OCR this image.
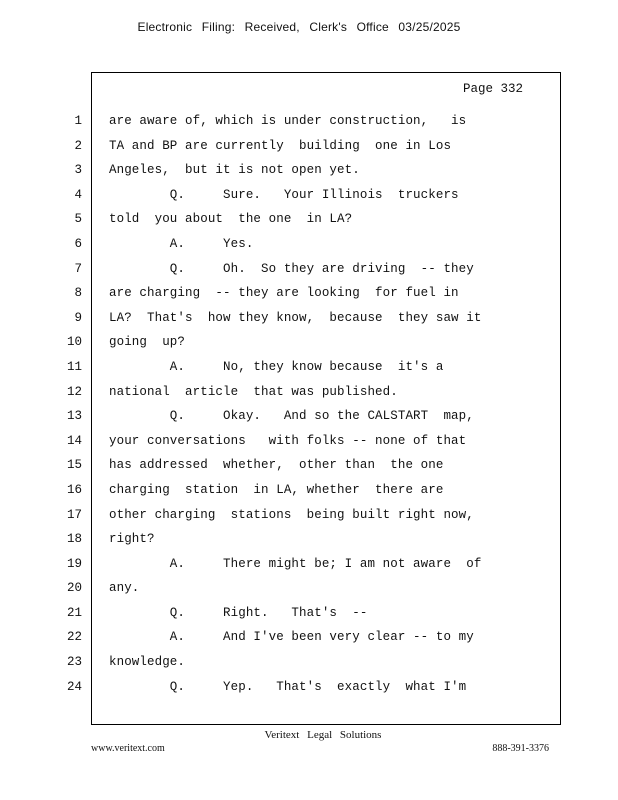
Electronic Filing: Received, Clerk's Office 03/25/2025
Page 332
1
2
3
4
5
6
7
8
9
10
11
12
13
14
15
16
17
18
19
20
21
22
23
24
are aware of, which is under construction,   is
TA and BP are currently  building  one in Los
Angeles,  but it is not open yet.
Q.     Sure.   Your Illinois  truckers
told  you about  the one  in LA?
A.     Yes.
Q.     Oh.  So they are driving  -- they
are charging  -- they are looking  for fuel in
LA?  That's  how they know,  because  they saw it
going  up?
A.     No, they know because  it's a
national  article  that was published.
Q.     Okay.   And so the CALSTART  map,
your conversations   with folks -- none of that
has addressed  whether,  other than  the one
charging  station  in LA, whether  there are
other charging  stations  being built right now,
right?
A.     There might be; I am not aware  of
any.
Q.     Right.   That's  --
A.     And I've been very clear -- to my
knowledge.
Q.     Yep.   That's  exactly  what I'm
Veritext Legal Solutions
www.veritext.com	888-391-3376
